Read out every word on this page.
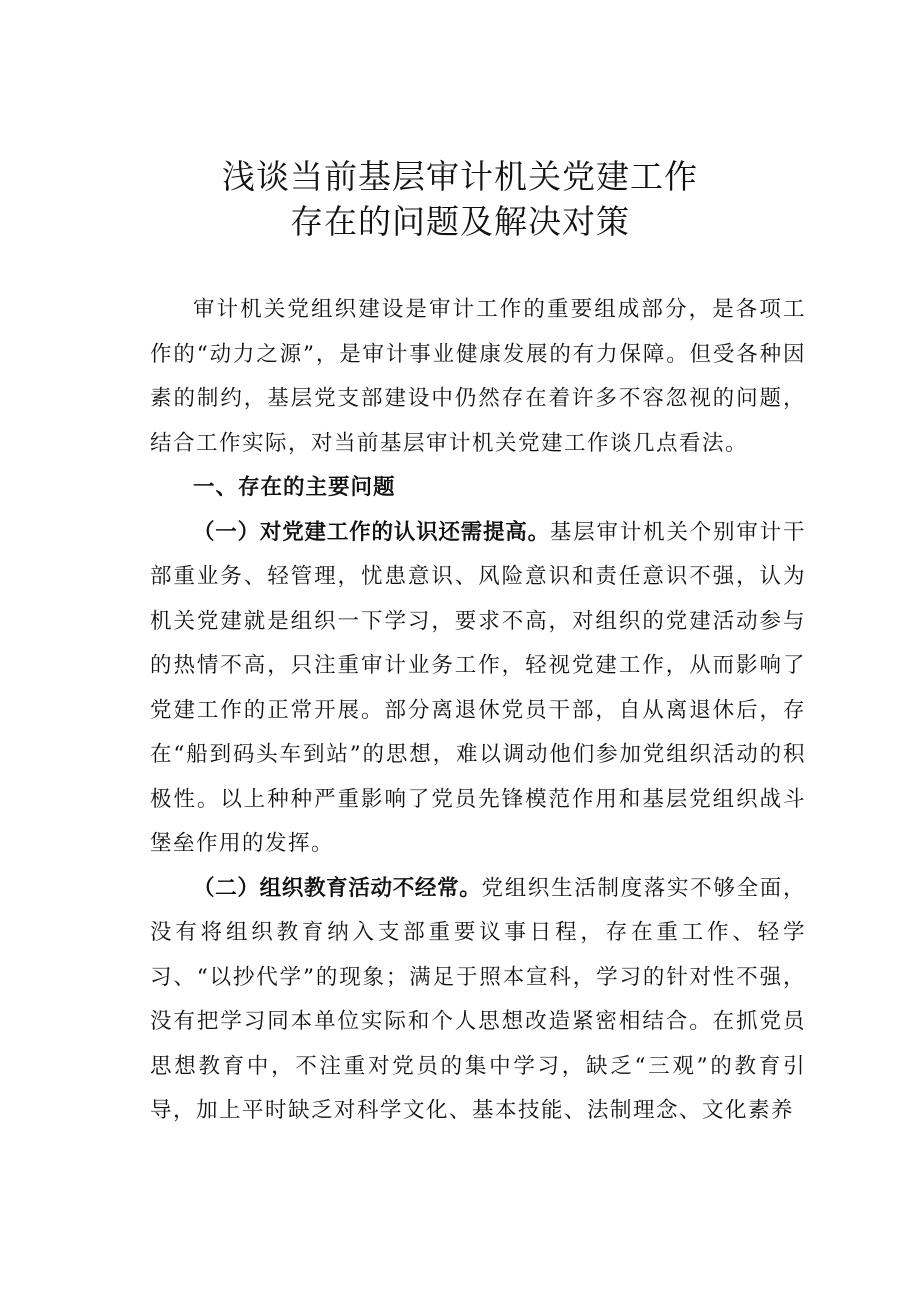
浅谈当前基层审计机关党建工作
存在的问题及解决对策

审计机关党组织建设是审计工作的重要组成部分，是各项工作的“动力之源”，是审计事业健康发展的有力保障。但受各种因素的制约，基层党支部建设中仍然存在着许多不容忽视的问题，结合工作实际，对当前基层审计机关党建工作谈几点看法。

一、存在的主要问题

（一）对党建工作的认识还需提高。基层审计机关个别审计干部重业务、轻管理，忧患意识、风险意识和责任意识不强，认为机关党建就是组织一下学习，要求不高，对组织的党建活动参与的热情不高，只注重审计业务工作，轻视党建工作，从而影响了党建工作的正常开展。部分离退休党员干部，自从离退休后，存在“船到码头车到站”的思想，难以调动他们参加党组织活动的积极性。以上种种严重影响了党员先锋模范作用和基层党组织战斗堡垒作用的发挥。

（二）组织教育活动不经常。党组织生活制度落实不够全面，没有将组织教育纳入支部重要议事日程，存在重工作、轻学习、“以抄代学”的现象；满足于照本宣科，学习的针对性不强，没有把学习同本单位实际和个人思想改造紧密相结合。在抓党员思想教育中，不注重对党员的集中学习，缺乏“三观”的教育引导，加上平时缺乏对科学文化、基本技能、法制理念、文化素养
